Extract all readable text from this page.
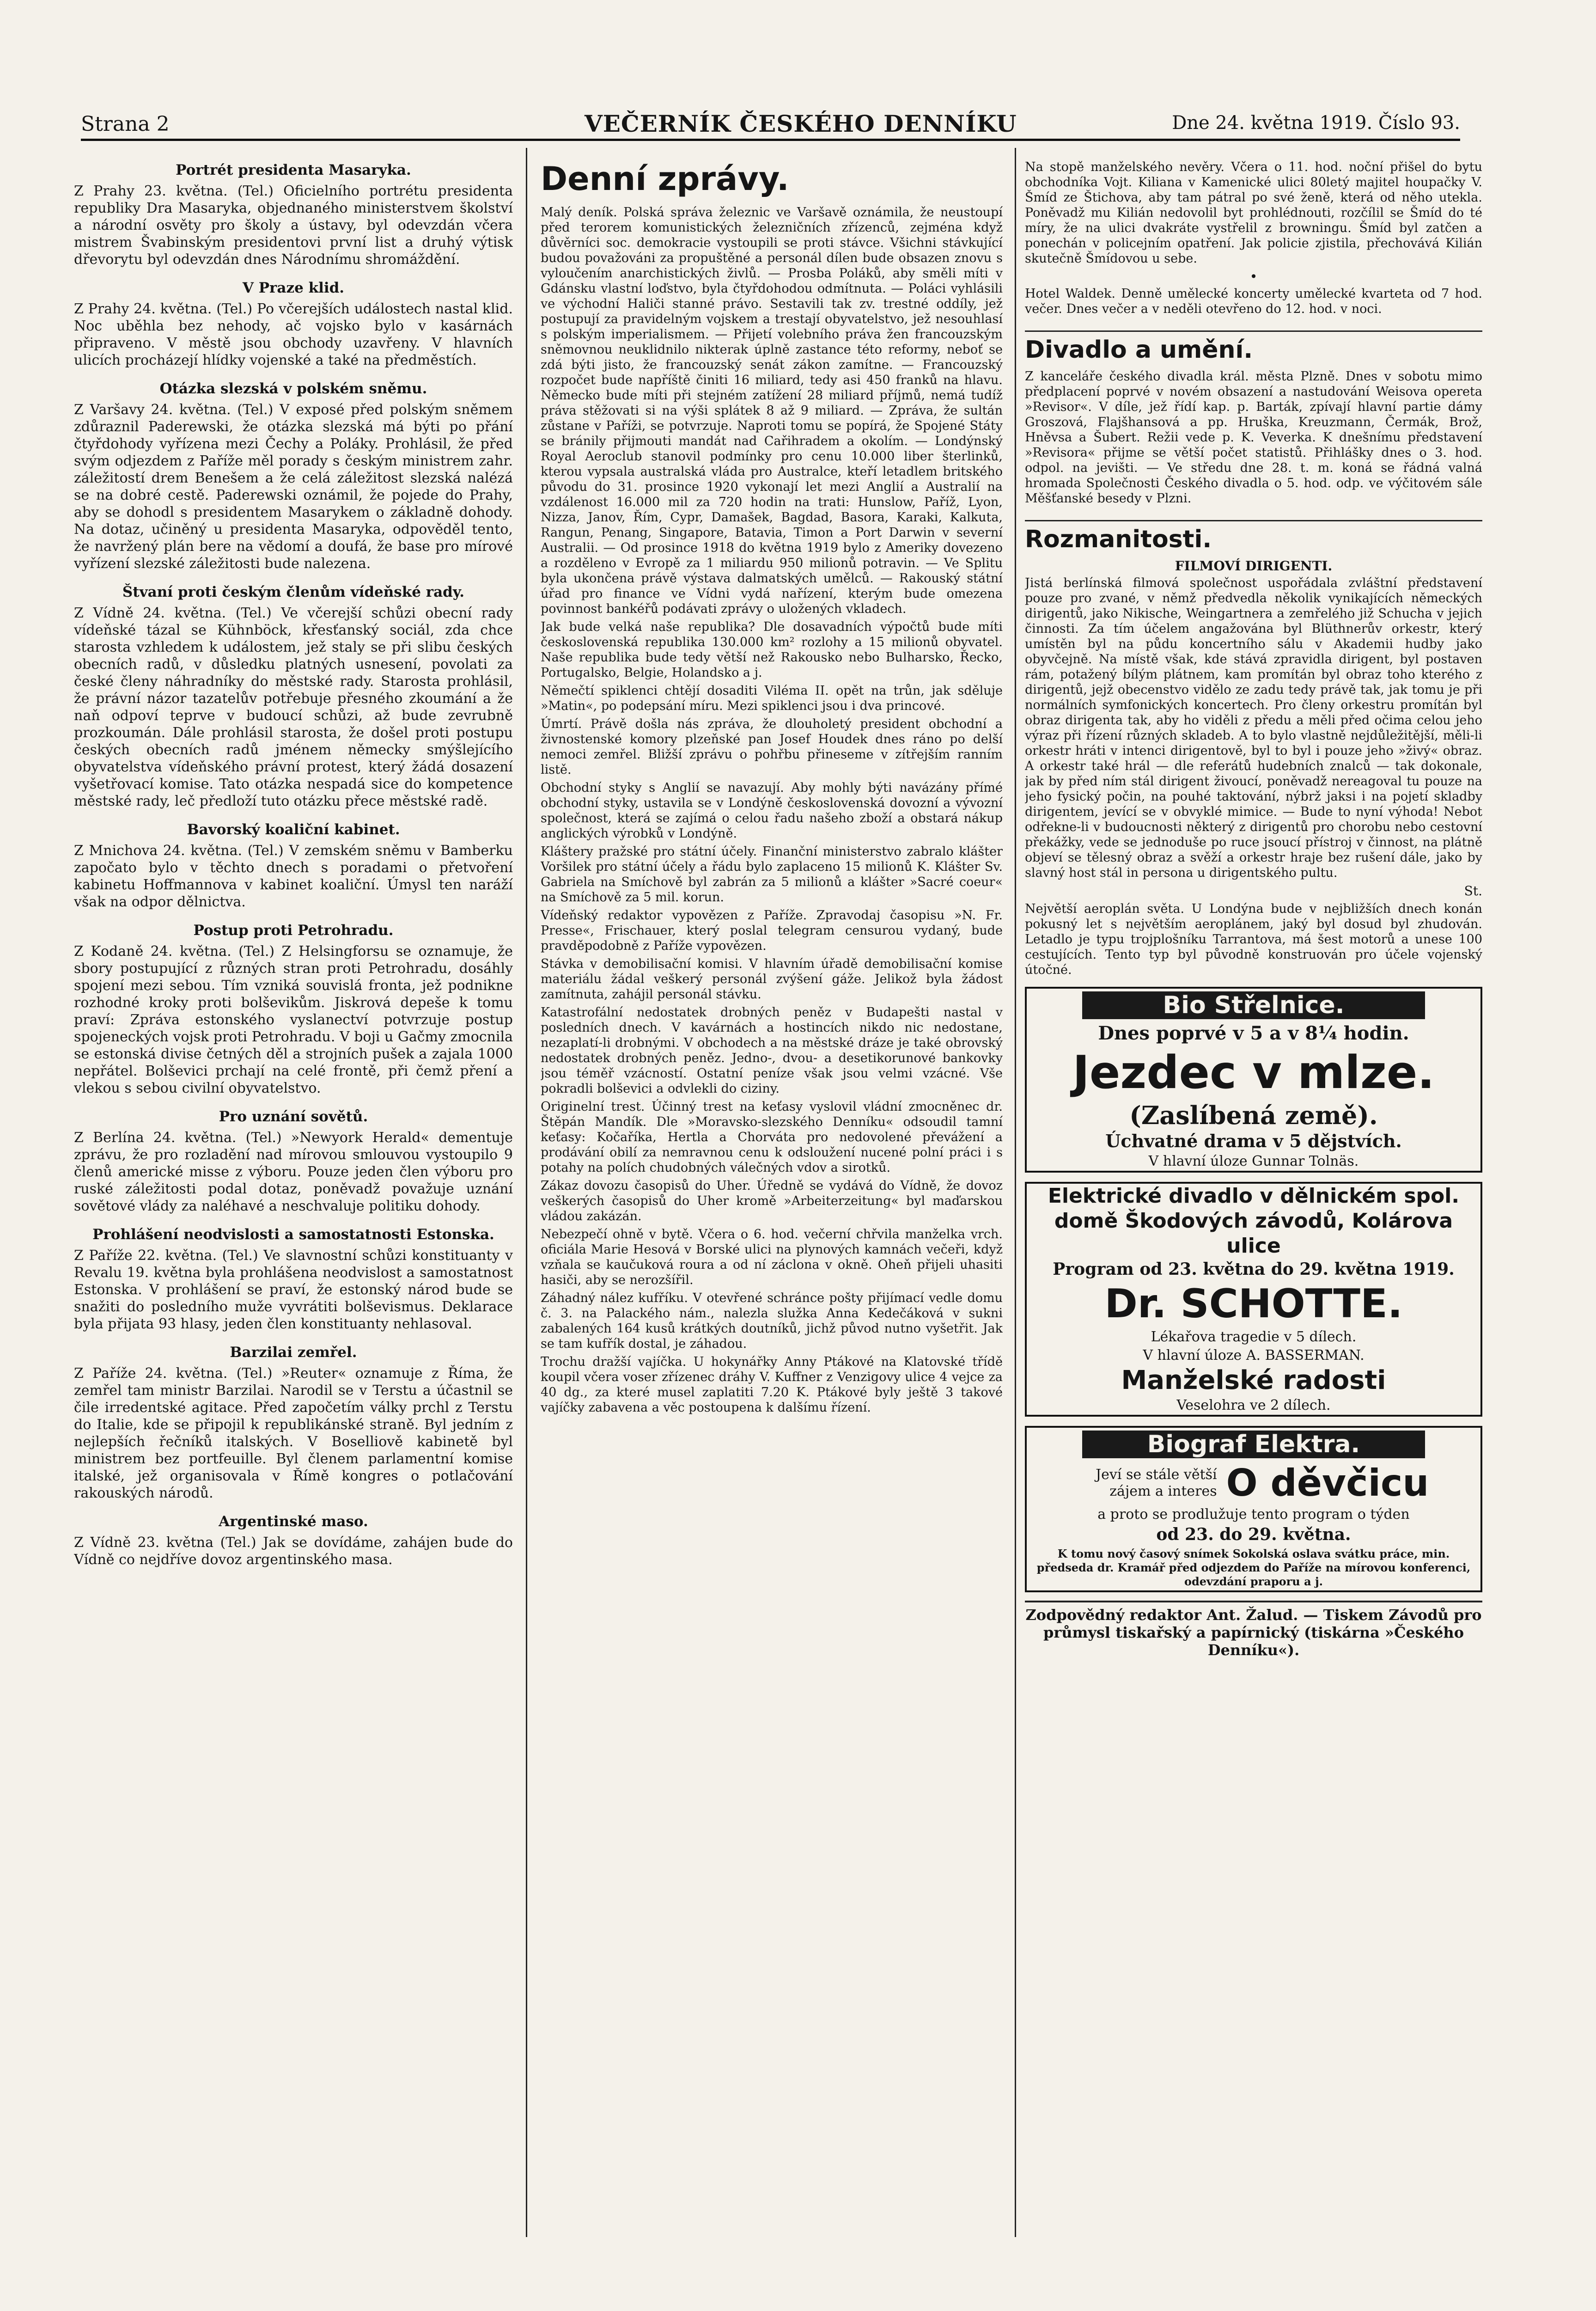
Strana 2	VEČERNÍK ČESKÉHO DENNÍKU	Dne 24. května 1919. Číslo 93.
Portrét presidenta Masaryka.

Z Prahy 23. května. (Tel.) Oficielního portrétu presidenta republiky Dra Masaryka, objednaného ministerstvem školství a národní osvěty pro školy a ústavy, byl odevzdán včera mistrem Švabinským presidentovi první list a druhý výtisk dřevorytu byl odevzdán dnes Národnímu shromáždění.

V Praze klid.

Z Prahy 24. května. (Tel.) Po včerejších událostech nastal klid. Noc uběhla bez nehody, ač vojsko bylo v kasárnách připraveno. V městě jsou obchody uzavřeny. V hlavních ulicích procházejí hlídky vojenské a také na předměstích.

Otázka slezská v polském sněmu.

Z Varšavy 24. května. (Tel.) V exposé před polským sněmem zdůraznil Paderewski, že otázka slezská má býti po přání čtyřdohody vyřízena mezi Čechy a Poláky. Prohlásil, že před svým odjezdem z Paříže měl porady s českým ministrem zahr. záležitostí drem Benešem a že celá záležitost slezská nalézá se na dobré cestě. Paderewski oznámil, že pojede do Prahy, aby se dohodl s presidentem Masarykem o základně dohody. Na dotaz, učiněný u presidenta Masaryka, odpověděl tento, že navržený plán bere na vědomí a doufá, že base pro mírové vyřízení slezské záležitosti bude nalezena.

Štvaní proti českým členům vídeňské rady.

Z Vídně 24. května. (Tel.) Ve včerejší schůzi obecní rady vídeňské tázal se Kühnböck, křesťanský sociál, zda chce starosta vzhledem k událostem, jež staly se při slibu českých obecních radů, v důsledku platných usnesení, povolati za české členy náhradníky do městské rady. Starosta prohlásil, že právní názor tazatelův potřebuje přesného zkoumání a že naň odpoví teprve v budoucí schůzi, až bude zevrubně prozkoumán. Dále prohlásil starosta, že došel proti postupu českých obecních radů jménem německy smýšlejícího obyvatelstva vídeňského právní protest, který žádá dosazení vyšetřovací komise. Tato otázka nespadá sice do kompetence městské rady, leč předloží tuto otázku přece městské radě.

Bavorský koaliční kabinet.

Z Mnichova 24. května. (Tel.) V zemském sněmu v Bamberku započato bylo v těchto dnech s poradami o přetvoření kabinetu Hoffmannova v kabinet koaliční. Úmysl ten naráží však na odpor dělnictva.

Postup proti Petrohradu.

Z Kodaně 24. května. (Tel.) Z Helsingforsu se oznamuje, že sbory postupující z různých stran proti Petrohradu, dosáhly spojení mezi sebou. Tím vzniká souvislá fronta, jež podnikne rozhodné kroky proti bolševikům. Jiskrová depeše k tomu praví: Zpráva estonského vyslanectví potvrzuje postup spojeneckých vojsk proti Petrohradu. V boji u Gačmy zmocnila se estonská divise četných děl a strojních pušek a zajala 1000 nepřátel. Bolševici prchají na celé frontě, při čemž pření a vlekou s sebou civilní obyvatelstvo.

Pro uznání sovětů.

Z Berlína 24. května. (Tel.) »Newyork Herald« dementuje zprávu, že pro rozladění nad mírovou smlouvou vystoupilo 9 členů americké misse z výboru. Pouze jeden člen výboru pro ruské záležitosti podal dotaz, poněvadž považuje uznání sovětové vlády za naléhavé a neschvaluje politiku dohody.

Prohlášení neodvislosti a samostatnosti Estonska.

Z Paříže 22. května. (Tel.) Ve slavnostní schůzi konstituanty v Revalu 19. května byla prohlášena neodvislost a samostatnost Estonska. V prohlášení se praví, že estonský národ bude se snažiti do posledního muže vyvrátiti bolševismus. Deklarace byla přijata 93 hlasy, jeden člen konstituanty nehlasoval.

Barzilai zemřel.

Z Paříže 24. května. (Tel.) »Reuter« oznamuje z Říma, že zemřel tam ministr Barzilai. Narodil se v Terstu a účastnil se čile irredentské agitace. Před započetím války prchl z Terstu do Italie, kde se připojil k republikánské straně. Byl jedním z nejlepších řečníků italských. V Boselliově kabinetě byl ministrem bez portfeuille. Byl členem parlamentní komise italské, jež organisovala v Římě kongres o potlačování rakouských národů.

Argentinské maso.

Z Vídně 23. května (Tel.) Jak se dovídáme, zahájen bude do Vídně co nejdříve dovoz argentinského masa.

Denní zprávy.

Malý deník. Polská správa železnic ve Varšavě oznámila, že neustoupí před terorem komunistických železničních zřízenců, zejména když důvěrníci soc. demokracie vystoupili se proti stávce. Všichni stávkující budou považováni za propuštěné a personál dílen bude obsazen znovu s vyloučením anarchistických živlů. — Prosba Poláků, aby směli míti v Gdánsku vlastní loďstvo, byla čtyřdohodou odmítnuta. — Poláci vyhlásili ve východní Haliči stanné právo. Sestavili tak zv. trestné oddíly, jež postupují za pravidelným vojskem a trestají obyvatelstvo, jež nesouhlasí s polským imperialismem. — Přijetí volebního práva žen francouzským sněmovnou neuklidnilo nikterak úplně zastance této reformy, neboť se zdá býti jisto, že francouzský senát zákon zamítne. — Francouzský rozpočet bude napříště činiti 16 miliard, tedy asi 450 franků na hlavu. Německo bude míti při stejném zatížení 28 miliard příjmů, nemá tudíž práva stěžovati si na výši splátek 8 až 9 miliard. — Zpráva, že sultán zůstane v Paříži, se potvrzuje. Naproti tomu se popírá, že Spojené Státy se bránily přijmouti mandát nad Cařihradem a okolím. — Londýnský Royal Aeroclub stanovil podmínky pro cenu 10.000 liber šterlinků, kterou vypsala australská vláda pro Australce, kteří letadlem britského původu do 31. prosince 1920 vykonají let mezi Anglií a Australií na vzdálenost 16.000 mil za 720 hodin na trati: Hunslow, Paříž, Lyon, Nizza, Janov, Řím, Cypr, Damašek, Bagdad, Basora, Karaki, Kalkuta, Rangun, Penang, Singapore, Batavia, Timon a Port Darwin v severní Australii. — Od prosince 1918 do května 1919 bylo z Ameriky dovezeno a rozděleno v Evropě za 1 miliardu 950 milionů potravin. — Ve Splitu byla ukončena právě výstava dalmatských umělců. — Rakouský státní úřad pro finance ve Vídni vydá nařízení, kterým bude omezena povinnost bankéřů podávati zprávy o uložených vkladech.

Jak bude velká naše republika? Dle dosavadních výpočtů bude míti československá republika 130.000 km² rozlohy a 15 milionů obyvatel. Naše republika bude tedy větší než Rakousko nebo Bulharsko, Řecko, Portugalsko, Belgie, Holandsko a j.

Němečtí spiklenci chtějí dosaditi Viléma II. opět na trůn, jak sděluje »Matin«, po podepsání míru. Mezi spiklenci jsou i dva princové.

Úmrtí. Právě došla nás zpráva, že dlouholetý president obchodní a živnostenské komory plzeňské pan Josef Houdek dnes ráno po delší nemoci zemřel. Bližší zprávu o pohřbu přineseme v zítřejším ranním listě.

Obchodní styky s Anglií se navazují. Aby mohly býti navázány přímé obchodní styky, ustavila se v Londýně československá dovozní a vývozní společnost, která se zajímá o celou řadu našeho zboží a obstará nákup anglických výrobků v Londýně.

Kláštery pražské pro státní účely. Finanční ministerstvo zabralo klášter Voršilek pro státní účely a řádu bylo zaplaceno 15 milionů K. Klášter Sv. Gabriela na Smíchově byl zabrán za 5 milionů a klášter »Sacré coeur« na Smíchově za 5 mil. korun.

Vídeňský redaktor vypovězen z Paříže. Zpravodaj časopisu »N. Fr. Presse«, Frischauer, který poslal telegram censurou vydaný, bude pravděpodobně z Paříže vypovězen.

Stávka v demobilisační komisi. V hlavním úřadě demobilisační komise materiálu žádal veškerý personál zvýšení gáže. Jelikož byla žádost zamítnuta, zahájil personál stávku.

Katastrofální nedostatek drobných peněz v Budapešti nastal v posledních dnech. V kavárnách a hostincích nikdo nic nedostane, nezaplatí-li drobnými. V obchodech a na městské dráze je také obrovský nedostatek drobných peněz. Jedno-, dvou- a desetikorunové bankovky jsou téměř vzácností. Ostatní peníze však jsou velmi vzácné. Vše pokradli bolševici a odvlekli do ciziny.

Originelní trest. Účinný trest na keťasy vyslovil vládní zmocněnec dr. Štěpán Mandík. Dle »Moravsko-slezského Denníku« odsoudil tamní keťasy: Kočaříka, Hertla a Chorváta pro nedovolené převážení a prodávání obilí za nemravnou cenu k odsloužení nucené polní práci i s potahy na polích chudobných válečných vdov a sirotků.

Zákaz dovozu časopisů do Uher. Úředně se vydává do Vídně, že dovoz veškerých časopisů do Uher kromě »Arbeiterzeitung« byl maďarskou vládou zakázán.

Nebezpečí ohně v bytě. Včera o 6. hod. večerní chřvila manželka vrch. oficiála Marie Hesová v Borské ulici na plynových kamnách večeři, když vzňala se kaučuková roura a od ní záclona v okně. Oheň přijeli uhasiti hasiči, aby se nerozšířil.

Záhadný nález kufříku. V otevřené schránce pošty přijímací vedle domu č. 3. na Palackého nám., nalezla služka Anna Kedečáková v sukni zabalených 164 kusů krátkých doutníků, jichž původ nutno vyšetřit. Jak se tam kufřík dostal, je záhadou.

Trochu dražší vajíčka. U hokynářky Anny Ptákové na Klatovské třídě koupil včera voser zřízenec dráhy V. Kuffner z Venzigovy ulice 4 vejce za 40 dg., za které musel zaplatiti 7.20 K. Ptákové byly ještě 3 takové vajíčky zabavena a věc postoupena k dalšímu řízení.

Na stopě manželského nevěry. Včera o 11. hod. noční přišel do bytu obchodníka Vojt. Kiliana v Kamenické ulici 80letý majitel houpačky V. Šmíd ze Štichova, aby tam pátral po své ženě, která od něho utekla. Poněvadž mu Kilián nedovolil byt prohlédnouti, rozčílil se Šmíd do té míry, že na ulici dvakráte vystřelil z browningu. Šmíd byl zatčen a ponechán v policejním opatření. Jak policie zjistila, přechovává Kilián skutečně Šmídovou u sebe.

•

Hotel Waldek. Denně umělecké koncerty umělecké kvarteta od 7 hod. večer. Dnes večer a v neděli otevřeno do 12. hod. v noci.

Divadlo a umění.

Z kanceláře českého divadla král. města Plzně. Dnes v sobotu mimo předplacení poprvé v novém obsazení a nastudování Weisova opereta »Revisor«. V díle, jež řídí kap. p. Barták, zpívají hlavní partie dámy Groszová, Flajšhansová a pp. Hruška, Kreuzmann, Čermák, Brož, Hněvsa a Šubert. Režii vede p. K. Veverka. K dnešnímu představení »Revisora« přijme se větší počet statistů. Přihlášky dnes o 3. hod. odpol. na jevišti. — Ve středu dne 28. t. m. koná se řádná valná hromada Společnosti Českého divadla o 5. hod. odp. ve výčitovém sále Měšťanské besedy v Plzni.

Rozmanitosti.
FILMOVÍ DIRIGENTI.

Jistá berlínská filmová společnost uspořádala zvláštní představení pouze pro zvané, v němž předvedla několik vynikajících německých dirigentů, jako Nikische, Weingartnera a zemřelého již Schucha v jejich činnosti. Za tím účelem angažována byl Blüthnerův orkestr, který umístěn byl na půdu koncertního sálu v Akademii hudby jako obyvčejně. Na místě však, kde stává zpravidla dirigent, byl postaven rám, potažený bílým plátnem, kam promítán byl obraz toho kterého z dirigentů, jejž obecenstvo vidělo ze zadu tedy právě tak, jak tomu je při normálních symfonických koncertech. Pro členy orkestru promítán byl obraz dirigenta tak, aby ho viděli z předu a měli před očima celou jeho výraz při řízení různých skladeb. A to bylo vlastně nejdůležitější, měli-li orkestr hráti v intenci dirigentově, byl to byl i pouze jeho »živý« obraz. A orkestr také hrál — dle referátů hudebních znalců — tak dokonale, jak by před ním stál dirigent živoucí, poněvadž nereagoval tu pouze na jeho fysický počin, na pouhé taktování, nýbrž jaksi i na pojetí skladby dirigentem, jevící se v obvyklé mimice. — Bude to nyní výhoda! Nebot odřekne-li v budoucnosti některý z dirigentů pro chorobu nebo cestovní překážky, vede se jednoduše po ruce jsoucí přístroj v činnost, na plátně objeví se tělesný obraz a svěží a orkestr hraje bez rušení dále, jako by slavný host stál in persona u dirigentského pultu.

St.

Největší aeroplán světa. U Londýna bude v nejbližších dnech konán pokusný let s největším aeroplánem, jaký byl dosud byl zhudován. Letadlo je typu trojplošníku Tarrantova, má šest motorů a unese 100 cestujících. Tento typ byl původně konstruován pro účele vojenský útočné.

Bio Střelnice.
Dnes poprvé v 5 a v 8¼ hodin.
Jezdec v mlze.
(Zaslíbená země).
Úchvatné drama v 5 dějstvích.
V hlavní úloze Gunnar Tolnäs.
Elektrické divadlo v dělnickém spol.
domě Škodových závodů, Kolárova ulice
Program od 23. května do 29. května 1919.
Dr. SCHOTTE.
Lékařova tragedie v 5 dílech.
V hlavní úloze A. BASSERMAN.
Manželské radosti
Veselohra ve 2 dílech.
Biograf Elektra.
Jeví se stále větší zájem a interes O děvčicu
a proto se prodlužuje tento program o týden
od 23. do 29. května.
K tomu nový časový snímek Sokolská oslava svátku práce, min. předseda dr. Kramář před odjezdem do Paříže na mírovou konferenci, odevzdání praporu a j.
Zodpovědný redaktor Ant. Žalud. — Tiskem Závodů pro průmysl tiskařský a papírnický (tiskárna »Českého Denníku«).
